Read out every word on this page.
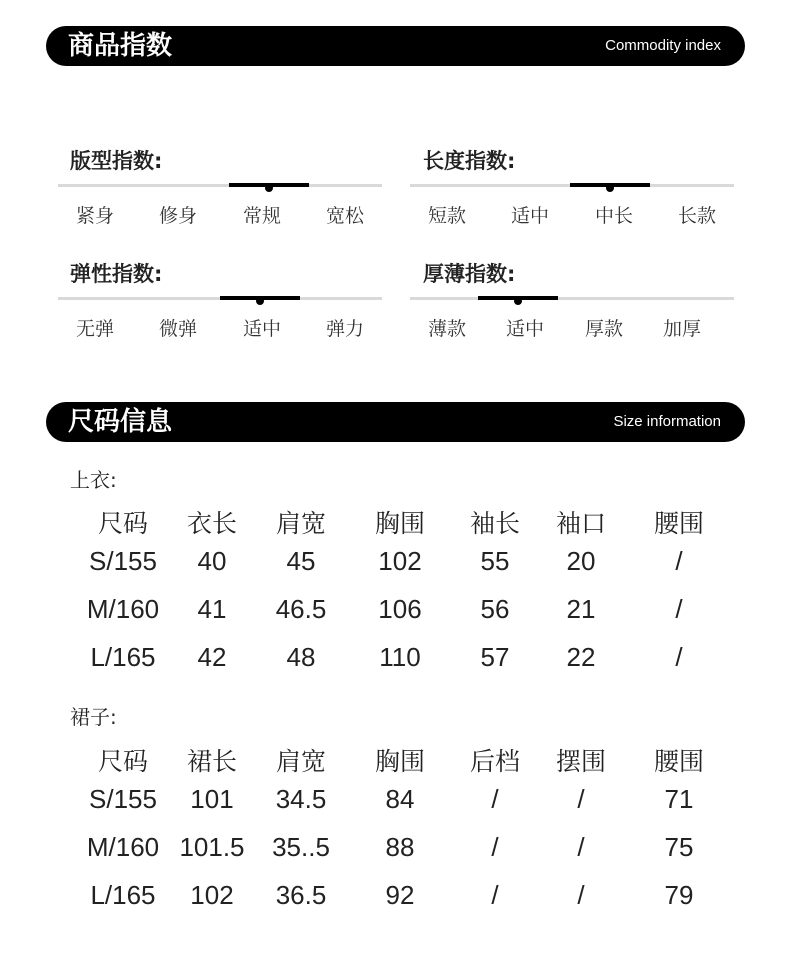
商品指数	Commodity index
版型指数:
紧身	修身	常规	宽松
长度指数:
短款	适中	中长	长款
弹性指数:
无弹	微弹	适中	弹力
厚薄指数:
薄款	适中	厚款	加厚
尺码信息	Size information
上衣:
尺码	衣长	肩宽	胸围	袖长	袖口	腰围
S/155	40	45	102	55	20	/
M/160	41	46.5	106	56	21	/
L/165	42	48	110	57	22	/
裙子:
尺码	裙长	肩宽	胸围	后档	摆围	腰围
S/155	101	34.5	84	/	/	71
M/160 101.5	35..5	88	/	/	75
L/165	102	36.5	92	/	/	79
